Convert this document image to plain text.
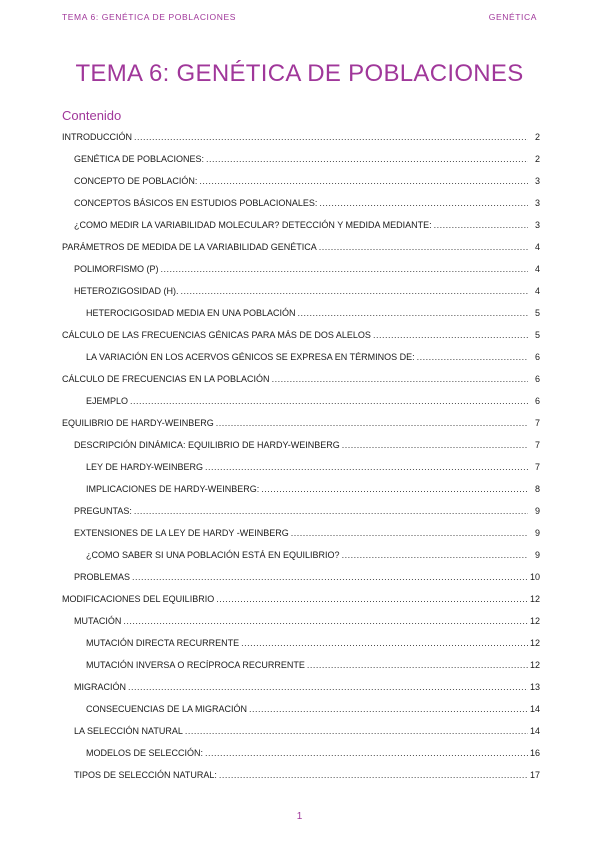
TEMA 6: GENÉTICA DE POBLACIONES	GENÉTICA
TEMA 6: GENÉTICA DE POBLACIONES
Contenido
INTRODUCCIÓN .....	2
GENÉTICA DE POBLACIONES: .....	2
CONCEPTO DE POBLACIÓN: .....	3
CONCEPTOS BÁSICOS EN ESTUDIOS POBLACIONALES: .....	3
¿COMO MEDIR LA VARIABILIDAD MOLECULAR? DETECCIÓN Y MEDIDA MEDIANTE: .....	3
PARÁMETROS DE MEDIDA DE LA VARIABILIDAD GENÉTICA .....	4
POLIMORFISMO (P) .....	4
HETEROZIGOSIDAD (H). .....	4
HETEROCIGOSIDAD MEDIA EN UNA POBLACIÓN .....	5
CÁLCULO DE LAS FRECUENCIAS GÉNICAS PARA MÁS DE DOS ALELOS .....	5
LA VARIACIÓN EN LOS ACERVOS GÉNICOS SE EXPRESA EN TÉRMINOS DE: .....	6
CÁLCULO DE FRECUENCIAS EN LA POBLACIÓN .....	6
EJEMPLO .....	6
EQUILIBRIO DE HARDY-WEINBERG .....	7
DESCRIPCIÓN DINÁMICA: EQUILIBRIO DE HARDY-WEINBERG .....	7
LEY DE HARDY-WEINBERG .....	7
IMPLICACIONES DE HARDY-WEINBERG: .....	8
PREGUNTAS: .....	9
EXTENSIONES DE LA LEY DE HARDY -WEINBERG .....	9
¿COMO SABER SI UNA POBLACIÓN ESTÁ EN EQUILIBRIO? .....	9
PROBLEMAS .....	10
MODIFICACIONES DEL EQUILIBRIO .....	12
MUTACIÓN .....	12
MUTACIÓN DIRECTA RECURRENTE .....	12
MUTACIÓN INVERSA O RECÍPROCA RECURRENTE .....	12
MIGRACIÓN .....	13
CONSECUENCIAS DE LA MIGRACIÓN .....	14
LA SELECCIÓN NATURAL .....	14
MODELOS DE SELECCIÓN: .....	16
TIPOS DE SELECCIÓN NATURAL: .....	17
1
